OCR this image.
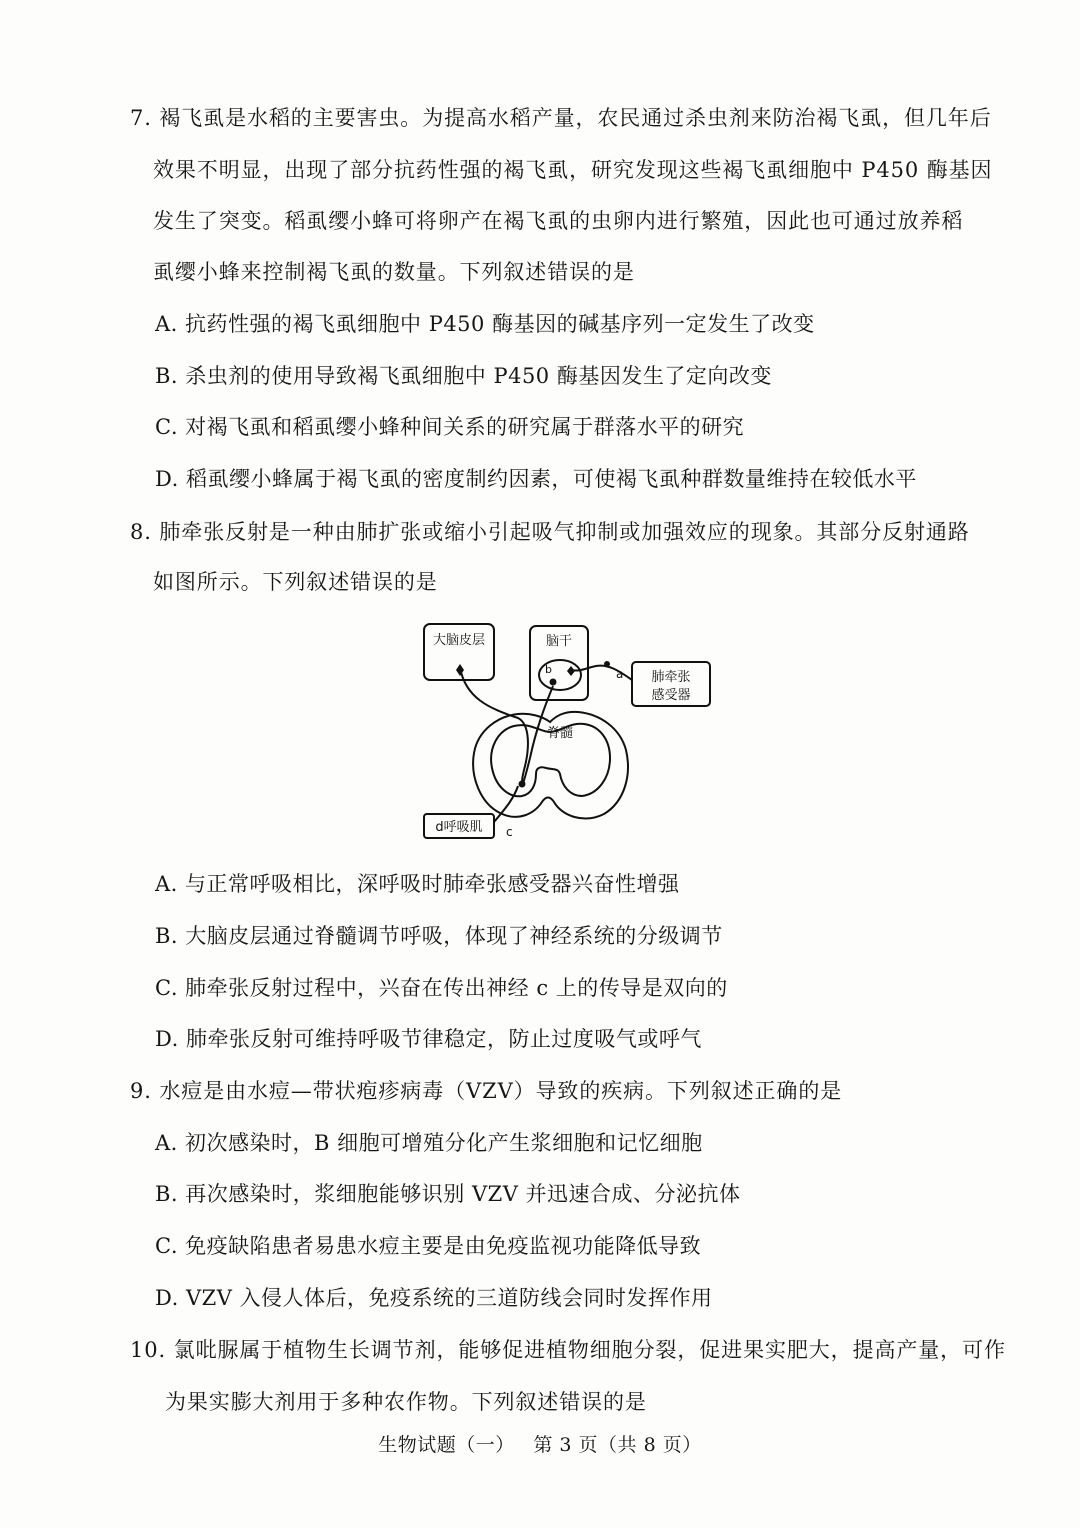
7. 褐飞虱是水稻的主要害虫。为提高水稻产量，农民通过杀虫剂来防治褐飞虱，但几年后
效果不明显，出现了部分抗药性强的褐飞虱，研究发现这些褐飞虱细胞中 P450 酶基因
发生了突变。稻虱缨小蜂可将卵产在褐飞虱的虫卵内进行繁殖，因此也可通过放养稻
虱缨小蜂来控制褐飞虱的数量。下列叙述错误的是
A. 抗药性强的褐飞虱细胞中 P450 酶基因的碱基序列一定发生了改变
B. 杀虫剂的使用导致褐飞虱细胞中 P450 酶基因发生了定向改变
C. 对褐飞虱和稻虱缨小蜂种间关系的研究属于群落水平的研究
D. 稻虱缨小蜂属于褐飞虱的密度制约因素，可使褐飞虱种群数量维持在较低水平
8. 肺牵张反射是一种由肺扩张或缩小引起吸气抑制或加强效应的现象。其部分反射通路
如图所示。下列叙述错误的是
大脑皮层	脑干
肺牵张
感受器
脊髓
d呼吸肌
a
b
c
A. 与正常呼吸相比，深呼吸时肺牵张感受器兴奋性增强
B. 大脑皮层通过脊髓调节呼吸，体现了神经系统的分级调节
C. 肺牵张反射过程中，兴奋在传出神经 c 上的传导是双向的
D. 肺牵张反射可维持呼吸节律稳定，防止过度吸气或呼气
9. 水痘是由水痘—带状疱疹病毒（VZV）导致的疾病。下列叙述正确的是
A. 初次感染时，B 细胞可增殖分化产生浆细胞和记忆细胞
B. 再次感染时，浆细胞能够识别 VZV 并迅速合成、分泌抗体
C. 免疫缺陷患者易患水痘主要是由免疫监视功能降低导致
D. VZV 入侵人体后，免疫系统的三道防线会同时发挥作用
10. 氯吡脲属于植物生长调节剂，能够促进植物细胞分裂，促进果实肥大，提高产量，可作
为果实膨大剂用于多种农作物。下列叙述错误的是
生物试题（一） 第 3 页（共 8 页）
